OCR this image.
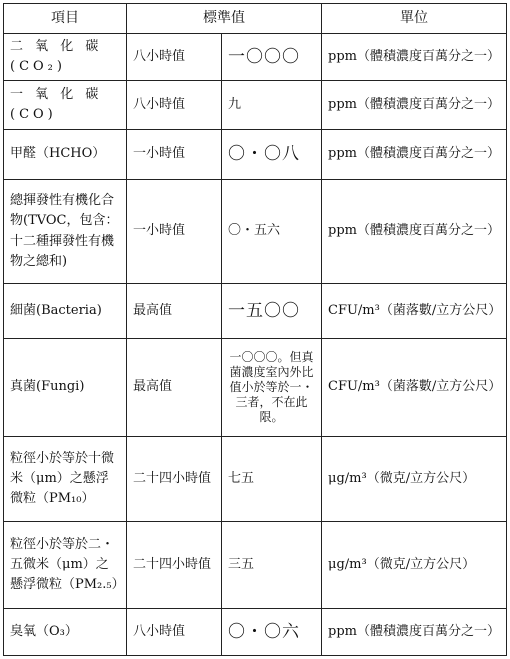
項目	標準值		單位
二 氧 化 碳 (CO₂)	八小時值	一〇〇〇	ppm（體積濃度百萬分之一）
一 氧 化 碳 (CO)	八小時值	九	ppm（體積濃度百萬分之一）
甲醛（HCHO）	一小時值	〇・〇八	ppm（體積濃度百萬分之一）
總揮發性有機化合物(TVOC，包含：十二種揮發性有機物之總和)	一小時值	〇・五六	ppm（體積濃度百萬分之一）
細菌(Bacteria)	最高值	一五〇〇	CFU/m³（菌落數/立方公尺）
真菌(Fungi)	最高值	一〇〇〇。但真菌濃度室內外比值小於等於一・三者，不在此限。	CFU/m³（菌落數/立方公尺）
粒徑小於等於十微米（μm）之懸浮微粒（PM₁₀）	二十四小時值	七五	μg/m³（微克/立方公尺）
粒徑小於等於二・五微米（μm）之懸浮微粒（PM₂.₅）	二十四小時值	三五	μg/m³（微克/立方公尺）
臭氧（O₃）	八小時值	〇・〇六	ppm（體積濃度百萬分之一）
